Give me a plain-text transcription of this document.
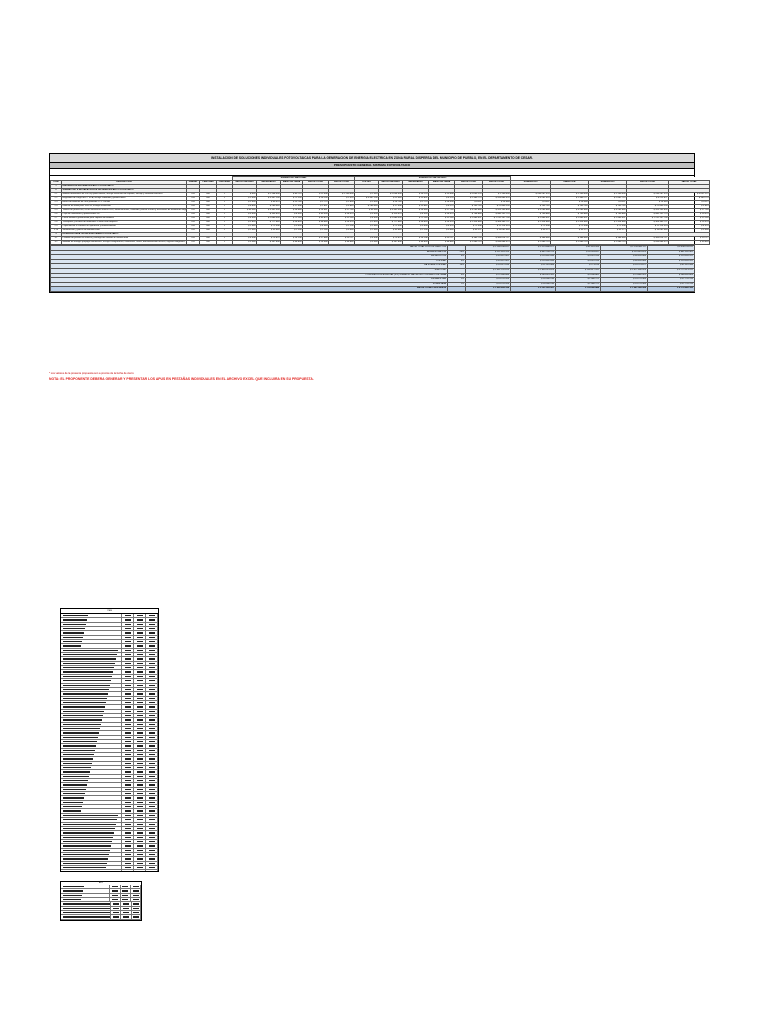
INSTALACION DE SOLUCIONES INDIVIDUALES FOTOVOLTAICAS PARA LA GENERACION DE ENERGIA ELECTRICA EN ZONA RURAL DISPERSA DEL MUNICIPIO DE PUEBLO, EN EL DEPARTAMENTO DE CESAR.
PRESUPUESTO GENERAL SISTEMA FOTOVOLTAICO
					SUMINISTRO NACIONAL					SUMINISTRO IMPORTADO										
ITEM	DESCRIPCION	UNIDAD	CANTIDAD	CANTIDAD	VALOR UNITARIO	MATERIALES	MANO DE OBRA	VALOR TOTAL	VALOR TOTAL	FLETES	VALOR UNITARIO	MATERIALES	MANO DE OBRA	VALOR TOTAL	VALOR TOTAL	SUMINISTRO	OBRA CIVIL	SUMINISTRO	VALOR TOTAL	VALOR TOTAL
1	INSTALACION SISTEMA SOLAR FOTOVOLTAICO																			
2	SUMINISTRO E INSTALACION DE SISTEMA SOLAR FOTOVOLTAICO																			
2.1	Modulo fotovoltaico de 300 Wp policristalino, incluye estructura de soporte, anclaje y conexion electrica	UN	300	1	$ 455	$ 2.108.000	$ 45.715	$ 11.908	$ 2.130.000	$ 1.543	$ 2.054.000	$ 26.120	$ 13.058	$ 2.093.178	$ 1.100.000	$ 246.287.378	$ 1.100.000	$ 1.100.000	$ 246.287.378	$ 4.651.221
2.2	Regulador de carga MPPT 40 A, incluye cableado y protecciones	UN	300	1	$ 2.400	$ 3.347.100	$ 71.200	$ 16.103	$ 1.325	$ 3.347.100	$ 11.460	$ 13.832	$ 4.278	$ 2.360.770	$ 263.885.578	$ 4.261.510	$ 1.360.777	$ 2.861.715	$ 8.213.671	$ 360.770
2.3	Banco de baterias de ciclo profundo 12 V 200 Ah	UN	300	1	$ 2.450	$ 99.470	$ 13.780	$ 1.775	$ 1.850	$ 2.450	$ 14.780	$ 1.775	$ 18.300	$ 8.311	$ 26.960	$ 4.311	$ 16.360	$ 8.311	$ 14.965	$ 8.311
2.4	Inversor de onda pura 1000 W, incluye instalacion	UN	300	1	$ 6.895	$ 280.440	$ 17.408	$ 1.857	$ 5.843	$ 280.440	$ 17.408	$ 13.842	$ 8.275	$ 193.745	$ 21.800.230	$ 193.745	$ 193.745	$ 193.745	$ 21.800.230	$ 5.843
2.5	Tablero de proteccion, kit de iluminacion interior LED, tomacorrientes, cableado, puesta a tierra y accesorios de instalacion seg	UN	300	1	$ 45.560	$ 3.341.500	$ 28.980	$ 14.887	$ 17.740	$ 45.560	$ 3.341.500	$ 28.980	$ 17.740	$ 3.283.680	$ 325.103.835	$ 3.283.680	$ 3.283.680	$ 3.283.680	$ 325.103.835	$ 17.740
2.6	Caja de conexiones y protecciones DC	UN	300	1	$ 3.930	$ 335.620	$ 4.355	$ 53.330	$ 28.570	$ 3.930	$ 319.470	$ 4.355	$ 28.570	$ 708.880	$ 480.131.770	$ 700.880	$ 700.880	$ 700.880	$ 480.131.770	$ 28.570
2.7	Poste metalico galvanizado para soporte de modulos	UN	300	1	$ 4.903	$ 2.880.500	$ 71.183	$ 53.875	$ 22.140	$ 4.903	$ 2.880.500	$ 71.183	$ 22.140	$ 1.463.421	$ 1.131.147.703	$ 1.463.421	$ 1.463.421	$ 1.463.421	$ 1.131.147.703	$ 22.140
2.8	Transporte y acarreo de materiales a zona rural dispersa	UN	300	1	$ 2.853	$ 777.860	$ 28.818	$ 38.880	$ 14.378	$ 2.853	$ 777.860	$ 28.818	$ 14.378	$ 1.324.680	$ 308.363.771	$ 1.324.680	$ 1.324.680	$ 1.324.680	$ 308.363.771	$ 14.378
2.9	Capacitacion a usuarios en operacion y mantenimiento	UN	300	1	$ 2.440	$ 72.508	$ 3.000	$ 4.563	$ 1.200	$ 2.440	$ 72.508	$ 3.000	$ 4.578	$ 72.508	$ 22.114.353	$ 72.508	$ 72.508	$ 72.508	$ 22.114.353	$ 4.578
2.10	Señalizacion y placas de identificacion	UN	300	1	$ 1.040	$ 33.640	$ 1.200	$ 2.280	$ 3.080	$ 1.040	$ 33.640	$ 1.200	$ 3.080	$ 33.271	$ 16.081.440	$ 33.271	$ 33.271	$ 33.271	$ 16.081.440	$ 3.080
3	INTERVENTORIA TECNICA SISTEMA FOTOVOLTAICO																			
3.1	Pruebas de puesta en servicio y entrega del sistema al usuario final	UN	300	1	$ 4.408	$ 73.675	$ 14.108	$ 17.680	$ 20.717	$ 4.408	$ 73.675	$ 14.108	$ 20.717	$ 383.730	$ 383.014.717	$ 386.080	$ 386.080	$ 386.080	$ 383.014.717	$ 20.717
3.2	Medidor de energia prepago monofasico, incluye configuracion, instalacion, sellos, documentacion tecnica, registro fotografico,	UN	300	1	$ 3.380	$ 347.838	$ 38.803	$ 14.088	$ 58.885	$ 3.380	$ 347.838	$ 38.803	$ 58.885	$ 1.480.714	$ 444.886.373	$ 1.480.714	$ 1.480.714	$ 1.480.714	$ 444.886.373	$ 58.885
VALOR TOTAL COSTOS DIRECTOS		$ 1.108.148.817	$ 2.213.840.877	$ 81.418.283	$ 1.128.408.117	$ 4.408.104.811
ADMINISTRACION	20%	$ 221.629.763	$ 442.768.175	$ 16.283.657	$ 225.681.623	$ 881.620.962
IMPREVISTOS	5%	$ 55.407.441	$ 110.692.044	$ 4.070.914	$ 56.420.406	$ 220.405.241
UTILIDAD	5%	$ 55.407.441	$ 110.692.044	$ 4.070.914	$ 56.420.406	$ 220.405.241
IVA SOBRE UTILIDAD	19%	$ 10.527.414	$ 21.031.488	$ 773.474	$ 10.719.877	$ 41.876.996
SUBTOTAL		$ 1.451.120.876	$ 2.899.023.628	$ 106.617.242	$ 1.477.650.429	$ 5.772.413.251
CONTRIBUCION ESPECIAL (5%) SOBRE EL VALOR DEL CONTRATO DE OBRA	5%	$ 72.556.044	$ 144.951.181	$ 5.330.862	$ 73.882.521	$ 288.620.663
ESTAMPILLAS	1%	$ 14.511.209	$ 28.990.236	$ 1.066.172	$ 14.776.504	$ 57.724.133
SOBRETASA	1%	$ 14.511.209	$ 28.990.236	$ 1.066.172	$ 14.776.504	$ 57.724.133
VALOR TOTAL PROPUESTA		$ 1.552.699.338	$ 3.101.955.281	$ 114.080.448	$ 1.581.085.958	$ 6.176.482.180
* Los valores de la presente propuesta son a precios de la fecha de cierre
NOTA: EL PROPONENTE DEBERA GENERAR Y PRESENTAR LOS APUS EN PESTAÑAS INDIVIDUALES EN EL ARCHIVO EXCEL QUE INCLUIRA EN SU PROPUESTA.
ITEM
APU
